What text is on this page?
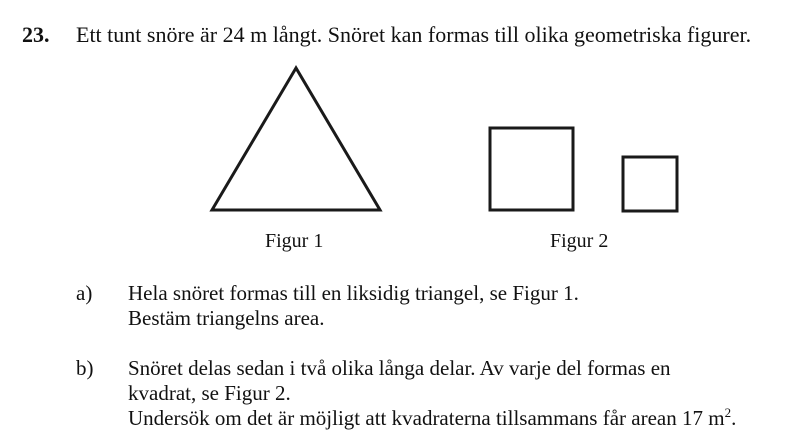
23. Ett tunt snöre är 24 m långt. Snöret kan formas till olika geometriska figurer.
Figur 1	Figur 2
a) Hela snöret formas till en liksidig triangel, se Figur 1.
Bestäm triangelns area.
b) Snöret delas sedan i två olika långa delar. Av varje del formas en
kvadrat, se Figur 2.
Undersök om det är möjligt att kvadraterna tillsammans får arean 17 $m^2$.
